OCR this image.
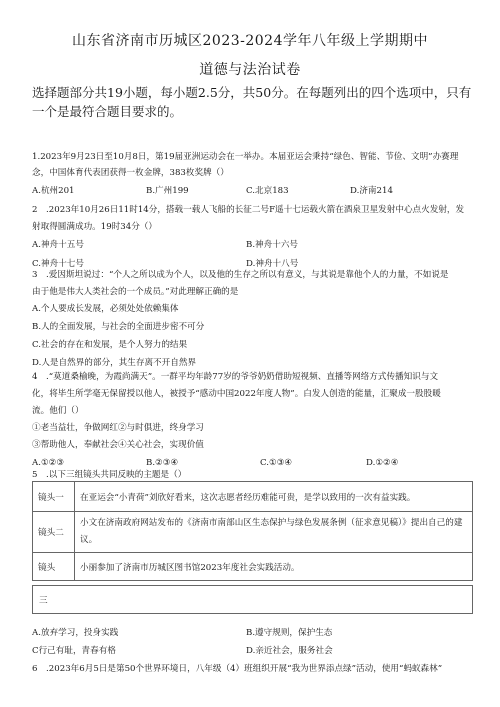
山东省济南市历城区2023-2024学年八年级上学期期中
道德与法治试卷
选择题部分共19小题，每小题2.5分，共50分。在每题列出的四个选项中，只有一个是最符合题目要求的。
1.2023年9月23日至10月8日，第19届亚洲运动会在一举办。本届亚运会秉持“绿色、智能、节俭、文明”办赛理
念，中国体育代表团获得一枚金牌，383枚奖牌（）
A.杭州201	B.广州199	C.北京183	D.济南214
2　.2023年10月26日11时14分，搭载一载人飞船的长征二号F遥十七运载火箭在酒泉卫星发射中心点火发射，发
射取得圆满成功。19时34分（）
A.神舟十五号	B.神舟十六号
C.神舟十七号	D.神舟十八号
3　.爱因斯坦说过：“个人之所以成为个人，以及他的生存之所以有意义，与其说是靠他个人的力量，不如说是
由于他是伟大人类社会的一个成员。”对此理解正确的是
A.个人要成长发展，必须处处依赖集体
B.人的全面发展，与社会的全面进步密不可分
C.社会的存在和发展，是个人努力的结果
D.人是自然界的部分，其生存离不开自然界
4　.“莫道桑榆晚，为霞尚满天”。一群平均年龄77岁的爷爷奶奶借助短视频、直播等网络方式传播知识与文
化，将毕生所学毫无保留授以他人，被授予“感动中国2022年度人物”。白发人创造的能量，汇聚成一股股暖
流。他们（）
①老当益壮，争做网红②与时俱进，终身学习
③帮助他人，奉献社会④关心社会，实现价值
A.①②③	B.②③④	C.①③④	D.①②④
5　.以下三组镜头共同反映的主题是（）
镜头一	在亚运会“小青荷”刘欣好看来，这次志愿者经历难能可贵，是学以致用的一次有益实践。
镜头二	小文在济南政府网站发布的《济南市南部山区生态保护与绿色发展条例（征求意见稿）》提出自己的建议。
镜头	小丽参加了济南市历城区图书馆2023年度社会实践活动。
三
A.放弃学习，投身实践	B.遵守规则，保护生态
C行己有耻，青春有格	D.亲近社会，服务社会
6　.2023年6月5日是第50个世界环境日，八年级（4）班组织开展“我为世界添点绿”活动，使用“蚂蚁森林”
